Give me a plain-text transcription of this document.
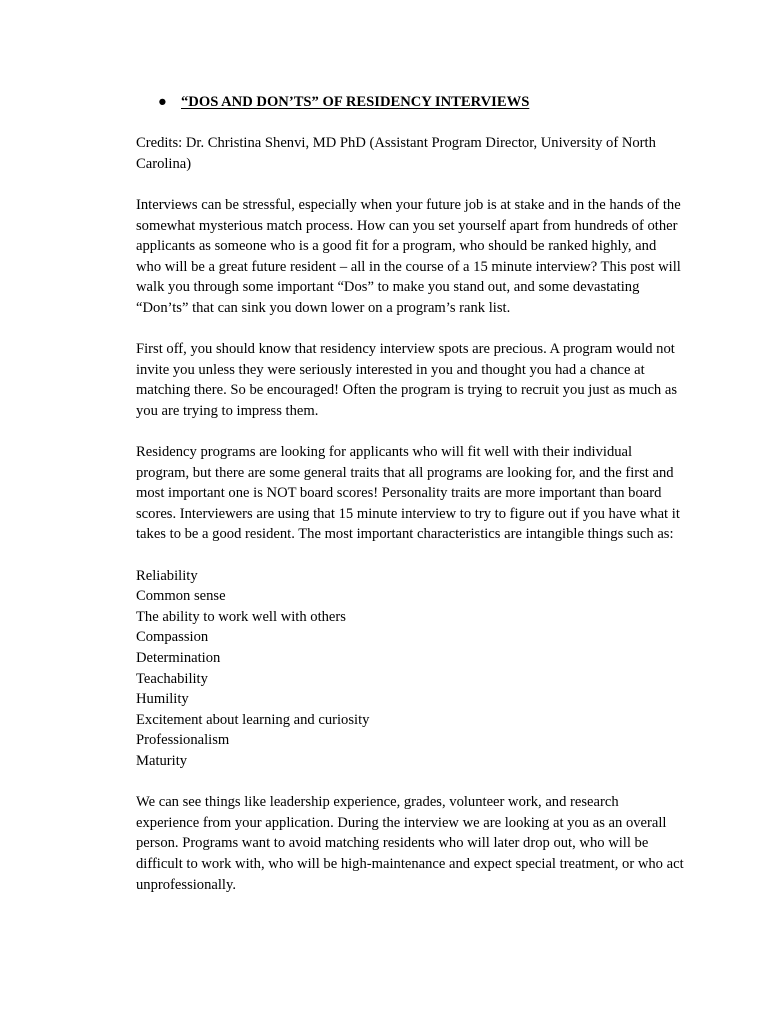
● “DOS AND DON’TS” OF RESIDENCY INTERVIEWS

Credits: Dr. Christina Shenvi, MD PhD (Assistant Program Director, University of North Carolina)

Interviews can be stressful, especially when your future job is at stake and in the hands of the somewhat mysterious match process. How can you set yourself apart from hundreds of other applicants as someone who is a good fit for a program, who should be ranked highly, and who will be a great future resident – all in the course of a 15 minute interview? This post will walk you through some important “Dos” to make you stand out, and some devastating “Don’ts” that can sink you down lower on a program’s rank list.

First off, you should know that residency interview spots are precious. A program would not invite you unless they were seriously interested in you and thought you had a chance at matching there. So be encouraged! Often the program is trying to recruit you just as much as you are trying to impress them.

Residency programs are looking for applicants who will fit well with their individual program, but there are some general traits that all programs are looking for, and the first and most important one is NOT board scores! Personality traits are more important than board scores. Interviewers are using that 15 minute interview to try to figure out if you have what it takes to be a good resident. The most important characteristics are intangible things such as:

Reliability
Common sense
The ability to work well with others
Compassion
Determination
Teachability
Humility
Excitement about learning and curiosity
Professionalism
Maturity

We can see things like leadership experience, grades, volunteer work, and research experience from your application. During the interview we are looking at you as an overall person. Programs want to avoid matching residents who will later drop out, who will be difficult to work with, who will be high-maintenance and expect special treatment, or who act unprofessionally.
